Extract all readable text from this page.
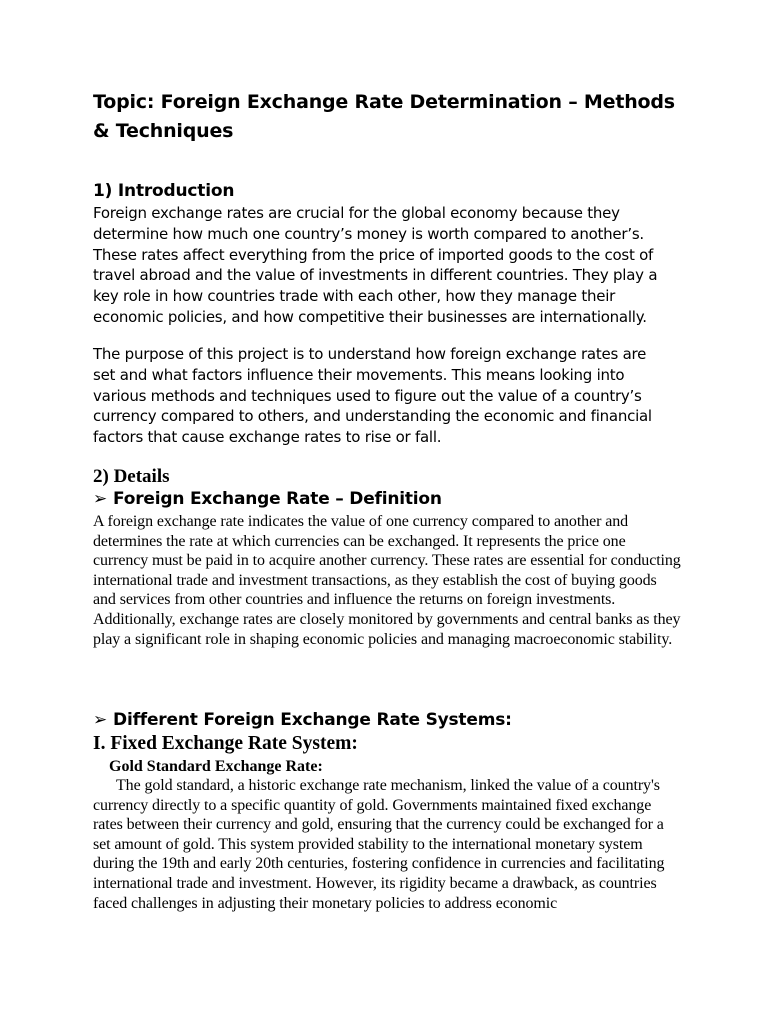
Topic: Foreign Exchange Rate Determination – Methods & Techniques
1) Introduction

Foreign exchange rates are crucial for the global economy because they determine how much one country’s money is worth compared to another’s. These rates affect everything from the price of imported goods to the cost of travel abroad and the value of investments in different countries. They play a key role in how countries trade with each other, how they manage their economic policies, and how competitive their businesses are internationally.

The purpose of this project is to understand how foreign exchange rates are set and what factors influence their movements. This means looking into various methods and techniques used to figure out the value of a country’s currency compared to others, and understanding the economic and financial factors that cause exchange rates to rise or fall.

2) Details
➢ Foreign Exchange Rate – Definition

A foreign exchange rate indicates the value of one currency compared to another and determines the rate at which currencies can be exchanged. It represents the price one currency must be paid in to acquire another currency. These rates are essential for conducting international trade and investment transactions, as they establish the cost of buying goods and services from other countries and influence the returns on foreign investments. Additionally, exchange rates are closely monitored by governments and central banks as they play a significant role in shaping economic policies and managing macroeconomic stability.

➢ Different Foreign Exchange Rate Systems:
I. Fixed Exchange Rate System:
Gold Standard Exchange Rate:

The gold standard, a historic exchange rate mechanism, linked the value of a country's currency directly to a specific quantity of gold. Governments maintained fixed exchange rates between their currency and gold, ensuring that the currency could be exchanged for a set amount of gold. This system provided stability to the international monetary system during the 19th and early 20th centuries, fostering confidence in currencies and facilitating international trade and investment. However, its rigidity became a drawback, as countries faced challenges in adjusting their monetary policies to address economic
